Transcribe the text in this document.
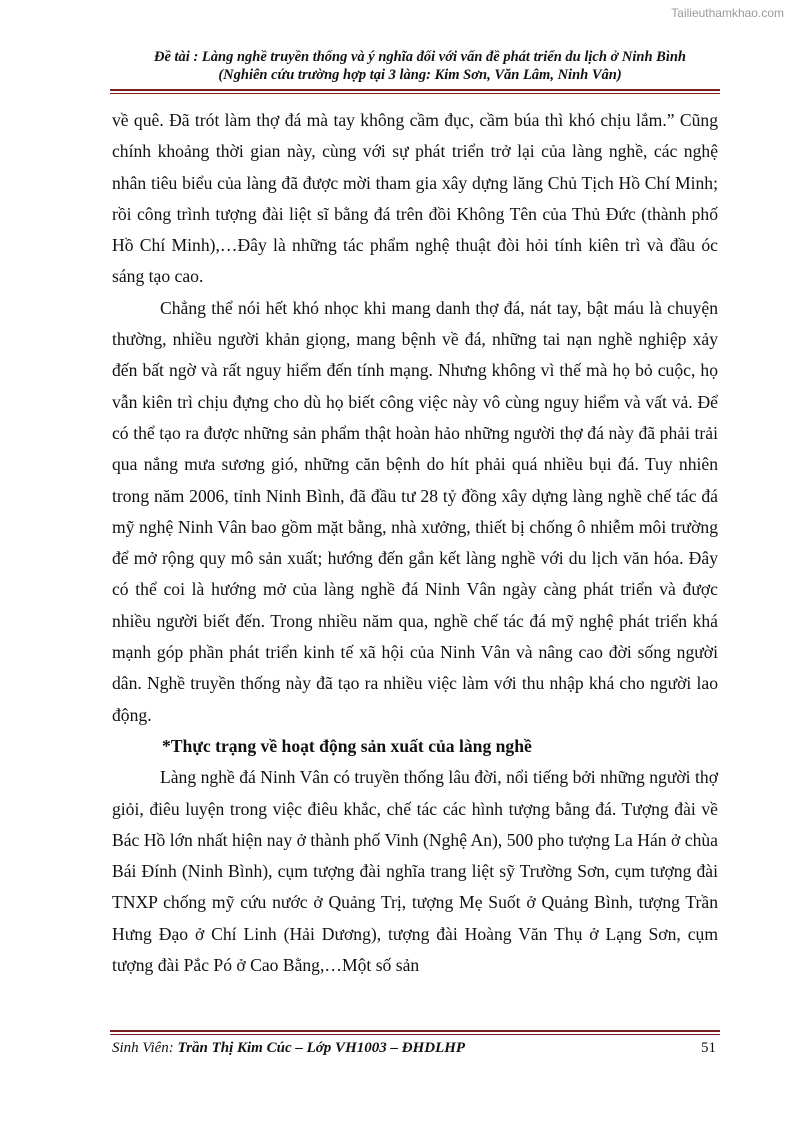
Tailieuthamkhao.com
Đề tài : Làng nghề truyền thống và ý nghĩa đối với vấn đề phát triển du lịch ở Ninh Bình
(Nghiên cứu trường hợp tại 3 làng: Kim Sơn, Văn Lâm, Ninh Vân)

về quê. Đã trót làm thợ đá mà tay không cầm đục, cầm búa thì khó chịu lắm.” Cũng chính khoảng thời gian này, cùng với sự phát triển trở lại của làng nghề, các nghệ nhân tiêu biểu của làng đã được mời tham gia xây dựng lăng Chủ Tịch Hồ Chí Minh; rồi công trình tượng đài liệt sĩ bằng đá trên đồi Không Tên của Thủ Đức (thành phố Hồ Chí Minh),…Đây là những tác phẩm nghệ thuật đòi hỏi tính kiên trì và đầu óc sáng tạo cao.

Chẳng thể nói hết khó nhọc khi mang danh thợ đá, nát tay, bật máu là chuyện thường, nhiều người khản giọng, mang bệnh về đá, những tai nạn nghề nghiệp xảy đến bất ngờ và rất nguy hiểm đến tính mạng. Nhưng không vì thế mà họ bỏ cuộc, họ vẫn kiên trì chịu đựng cho dù họ biết công việc này vô cùng nguy hiểm và vất vả. Để có thể tạo ra được những sản phẩm thật hoàn hảo những người thợ đá này đã phải trải qua nắng mưa sương gió, những căn bệnh do hít phải quá nhiều bụi đá. Tuy nhiên trong năm 2006, tỉnh Ninh Bình, đã đầu tư 28 tỷ đồng xây dựng làng nghề chế tác đá mỹ nghệ Ninh Vân bao gồm mặt bằng, nhà xưởng, thiết bị chống ô nhiễm môi trường để mở rộng quy mô sản xuất; hướng đến gắn kết làng nghề với du lịch văn hóa. Đây có thể coi là hướng mở của làng nghề đá Ninh Vân ngày càng phát triển và được nhiều người biết đến. Trong nhiều năm qua, nghề chế tác đá mỹ nghệ phát triển khá mạnh góp phần phát triển kinh tế xã hội của Ninh Vân và nâng cao đời sống người dân. Nghề truyền thống này đã tạo ra nhiều việc làm với thu nhập khá cho người lao động.

*Thực trạng về hoạt động sản xuất của làng nghề

Làng nghề đá Ninh Vân có truyền thống lâu đời, nổi tiếng bởi những người thợ giỏi, điêu luyện trong việc điêu khắc, chế tác các hình tượng bằng đá. Tượng đài về Bác Hồ lớn nhất hiện nay ở thành phố Vinh (Nghệ An), 500 pho tượng La Hán ở chùa Bái Đính (Ninh Bình), cụm tượng đài nghĩa trang liệt sỹ Trường Sơn, cụm tượng đài TNXP chống mỹ cứu nước ở Quảng Trị, tượng Mẹ Suốt ở Quảng Bình, tượng Trần Hưng Đạo ở Chí Linh (Hải Dương), tượng đài Hoàng Văn Thụ ở Lạng Sơn, cụm tượng đài Pắc Pó ở Cao Bằng,…Một số sản

Sinh Viên: Trần Thị Kim Cúc – Lớp VH1003 – ĐHDLHP	51
